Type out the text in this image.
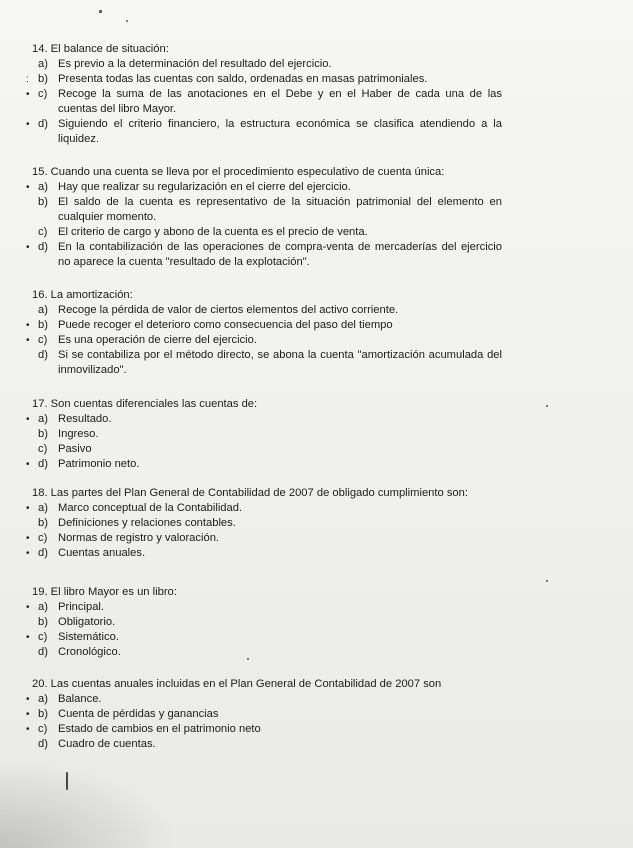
14. El balance de situación:
a) Es previo a la determinación del resultado del ejercicio.
: b) Presenta todas las cuentas con saldo, ordenadas en masas patrimoniales.
• c) Recoge la suma de las anotaciones en el Debe y en el Haber de cada una de las cuentas del libro Mayor.
• d) Siguiendo el criterio financiero, la estructura económica se clasifica atendiendo a la liquidez.
15. Cuando una cuenta se lleva por el procedimiento especulativo de cuenta única:
• a) Hay que realizar su regularización en el cierre del ejercicio.
b) El saldo de la cuenta es representativo de la situación patrimonial del elemento en cualquier momento.
c) El criterio de cargo y abono de la cuenta es el precio de venta.
• d) En la contabilización de las operaciones de compra-venta de mercaderías del ejercicio no aparece la cuenta "resultado de la explotación".
16. La amortización:
a) Recoge la pérdida de valor de ciertos elementos del activo corriente.
• b) Puede recoger el deterioro como consecuencia del paso del tiempo
• c) Es una operación de cierre del ejercicio.
d) Si se contabiliza por el método directo, se abona la cuenta "amortización acumulada del inmovilizado".
17. Son cuentas diferenciales las cuentas de:
• a) Resultado.
b) Ingreso.
c) Pasivo
• d) Patrimonio neto.
18. Las partes del Plan General de Contabilidad de 2007 de obligado cumplimiento son:
• a) Marco conceptual de la Contabilidad.
b) Definiciones y relaciones contables.
• c) Normas de registro y valoración.
• d) Cuentas anuales.
19. El libro Mayor es un libro:
• a) Principal.
b) Obligatorio.
• c) Sistemático.
d) Cronológico.
20. Las cuentas anuales incluidas en el Plan General de Contabilidad de 2007 son
• a) Balance.
• b) Cuenta de pérdidas y ganancias
• c) Estado de cambios en el patrimonio neto
d) Cuadro de cuentas.
